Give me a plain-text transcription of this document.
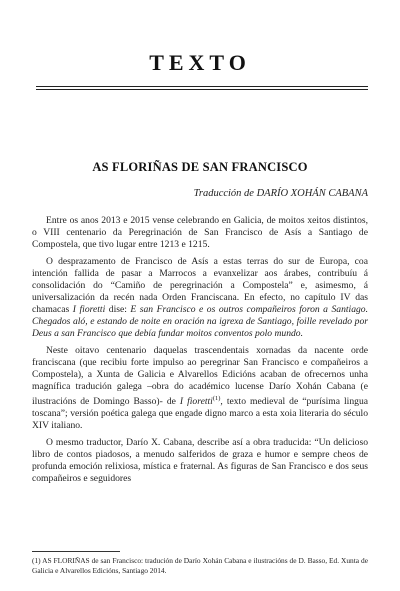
TEXTO
AS FLORIÑAS DE SAN FRANCISCO
Traducción de DARÍO XOHÁN CABANA

Entre os anos 2013 e 2015 vense celebrando en Galicia, de moitos xeitos distintos, o VIII centenario da Peregrinación de San Francisco de Asís a Santiago de Compostela, que tivo lugar entre 1213 e 1215.

O desprazamento de Francisco de Asís a estas terras do sur de Europa, coa intención fallida de pasar a Marrocos a evanxelizar aos árabes, contribuíu á consolidación do “Camiño de peregrinación a Compostela” e, asimesmo, á universalización da recén nada Orden Franciscana. En efecto, no capítulo IV das chamacas I fioretti dise: E san Francisco e os outros compañeiros foron a Santiago. Chegados aló, e estando de noite en oración na igrexa de Santiago, foille revelado por Deus a san Francisco que debía fundar moitos conventos polo mundo.

Neste oitavo centenario daquelas trascendentais xornadas da nacente orde franciscana (que recibiu forte impulso ao peregrinar San Francisco e compañeiros a Compostela), a Xunta de Galicia e Alvarellos Edicións acaban de ofrecernos unha magnífica tradución galega –obra do académico lucense Darío Xohán Cabana (e ilustracións de Domingo Basso)- de I fioretti$^{(1)}$, texto medieval de “purísima lingua toscana”; versión poética galega que engade digno marco a esta xoia literaria do século XIV italiano.

O mesmo traductor, Darío X. Cabana, describe así a obra traducida: “Un delicioso libro de contos piadosos, a menudo salferidos de graza e humor e sempre cheos de profunda emoción relixiosa, mística e fraternal. As figuras de San Francisco e dos seus compañeiros e seguidores

(1) AS FLORIÑAS de san Francisco: tradución de Darío Xohán Cabana e ilustracións de D. Basso, Ed. Xunta de Galicia e Alvarellos Edicións, Santiago 2014.
